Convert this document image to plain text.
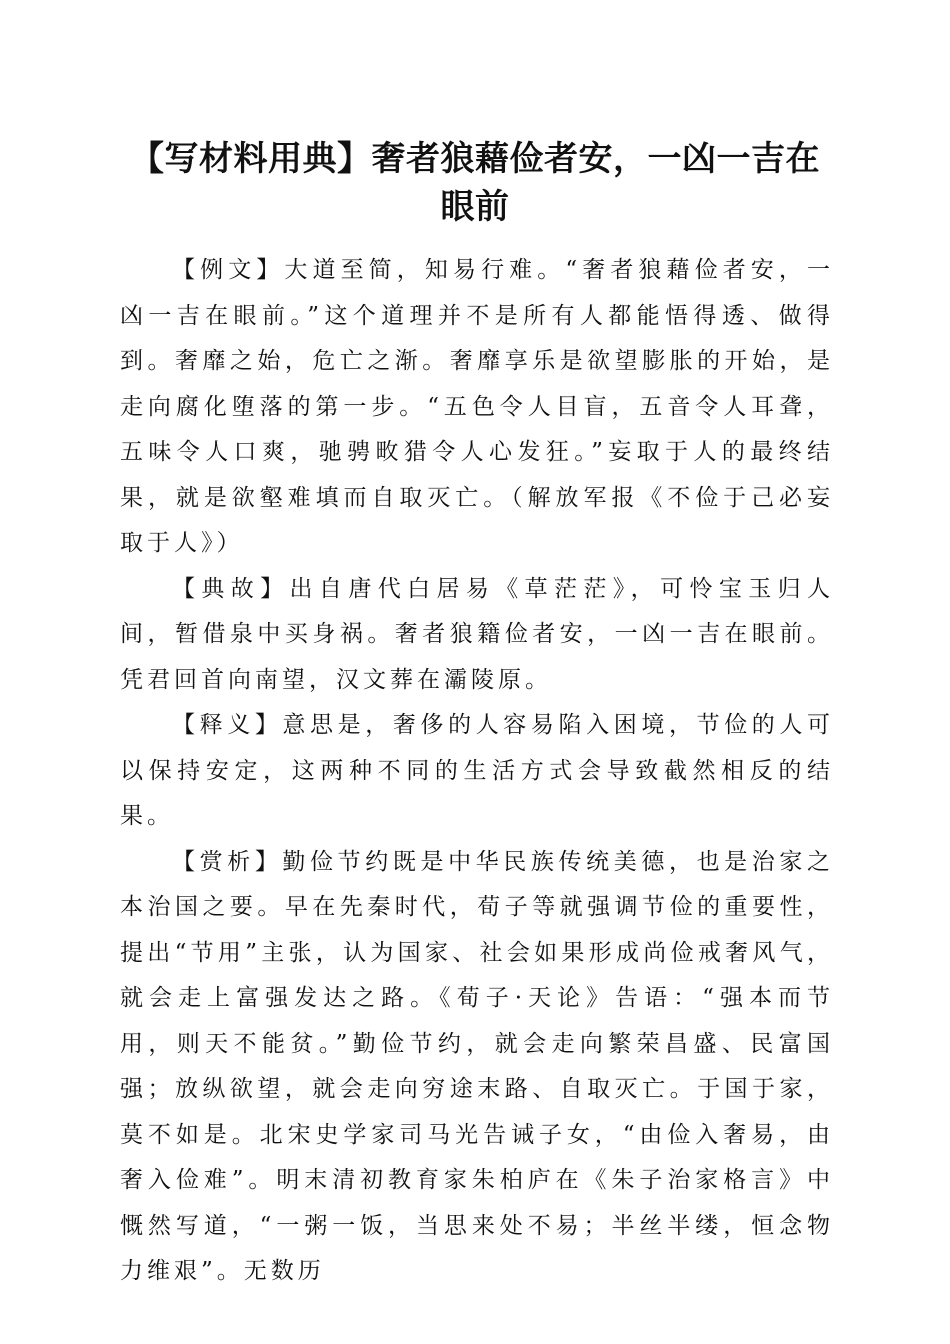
【写材料用典】奢者狼藉俭者安，一凶一吉在眼前

【例文】大道至简，知易行难。“奢者狼藉俭者安，一凶一吉在眼前。”这个道理并不是所有人都能悟得透、做得到。奢靡之始，危亡之渐。奢靡享乐是欲望膨胀的开始，是走向腐化堕落的第一步。“五色令人目盲，五音令人耳聋，五味令人口爽，驰骋畋猎令人心发狂。”妄取于人的最终结果，就是欲壑难填而自取灭亡。（解放军报《不俭于己必妄取于人》）

【典故】出自唐代白居易《草茫茫》，可怜宝玉归人间，暂借泉中买身祸。奢者狼籍俭者安，一凶一吉在眼前。凭君回首向南望，汉文葬在灞陵原。

【释义】意思是，奢侈的人容易陷入困境，节俭的人可以保持安定，这两种不同的生活方式会导致截然相反的结果。

【赏析】勤俭节约既是中华民族传统美德，也是治家之本治国之要。早在先秦时代，荀子等就强调节俭的重要性，提出“节用”主张，认为国家、社会如果形成尚俭戒奢风气，就会走上富强发达之路。《荀子·天论》告语：“强本而节用，则天不能贫。”勤俭节约，就会走向繁荣昌盛、民富国强；放纵欲望，就会走向穷途末路、自取灭亡。于国于家，莫不如是。北宋史学家司马光告诫子女，“由俭入奢易，由奢入俭难”。明末清初教育家朱柏庐在《朱子治家格言》中慨然写道，“一粥一饭，当思来处不易；半丝半缕，恒念物力维艰”。无数历
